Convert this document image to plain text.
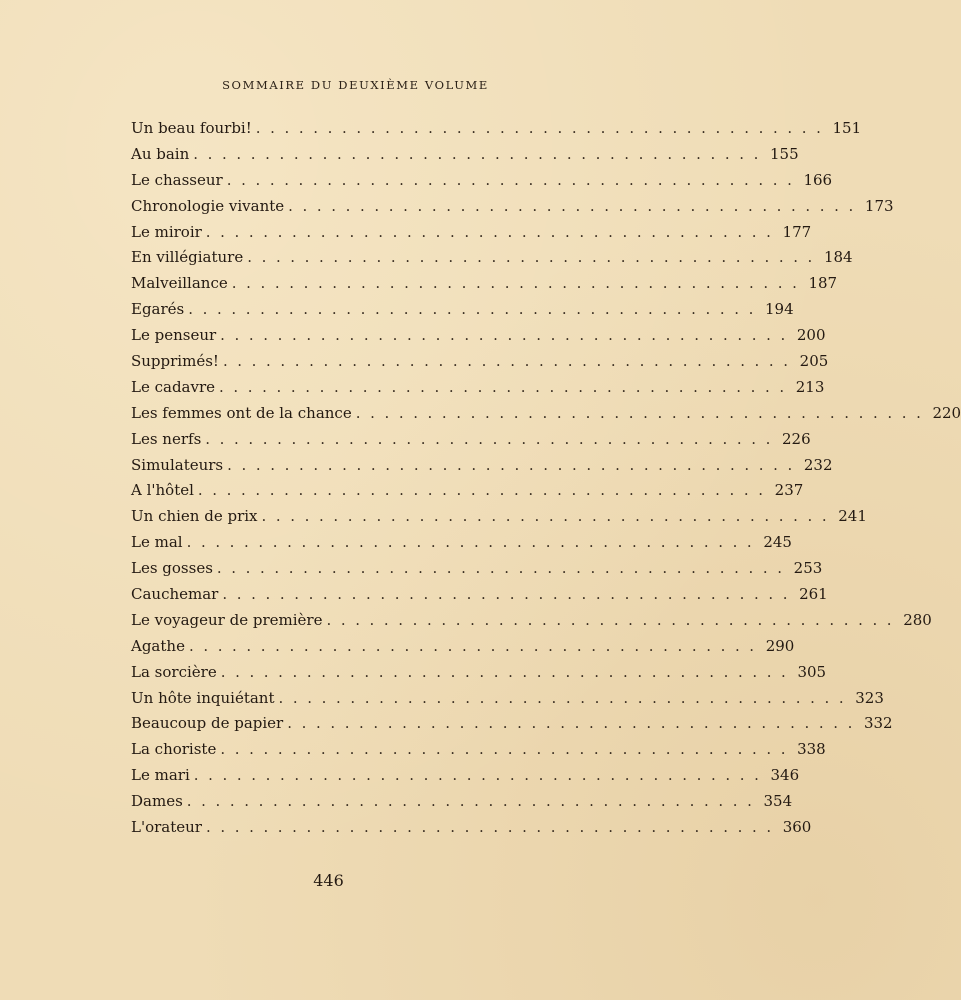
SOMMAIRE DU DEUXIÈME VOLUME
Un beau fourbi! ........................................ 151
Au bain ........................................ 155
Le chasseur ........................................ 166
Chronologie vivante ........................................ 173
Le miroir ........................................ 177
En villégiature ........................................ 184
Malveillance ........................................ 187
Egarés ........................................ 194
Le penseur ........................................ 200
Supprimés! ........................................ 205
Le cadavre ........................................ 213
Les femmes ont de la chance ........................................ 220
Les nerfs ........................................ 226
Simulateurs ........................................ 232
A l'hôtel ........................................ 237
Un chien de prix ........................................ 241
Le mal ........................................ 245
Les gosses ........................................ 253
Cauchemar ........................................ 261
Le voyageur de première ........................................ 280
Agathe ........................................ 290
La sorcière ........................................ 305
Un hôte inquiétant ........................................ 323
Beaucoup de papier ........................................ 332
La choriste ........................................ 338
Le mari ........................................ 346
Dames ........................................ 354
L'orateur ........................................ 360
446
